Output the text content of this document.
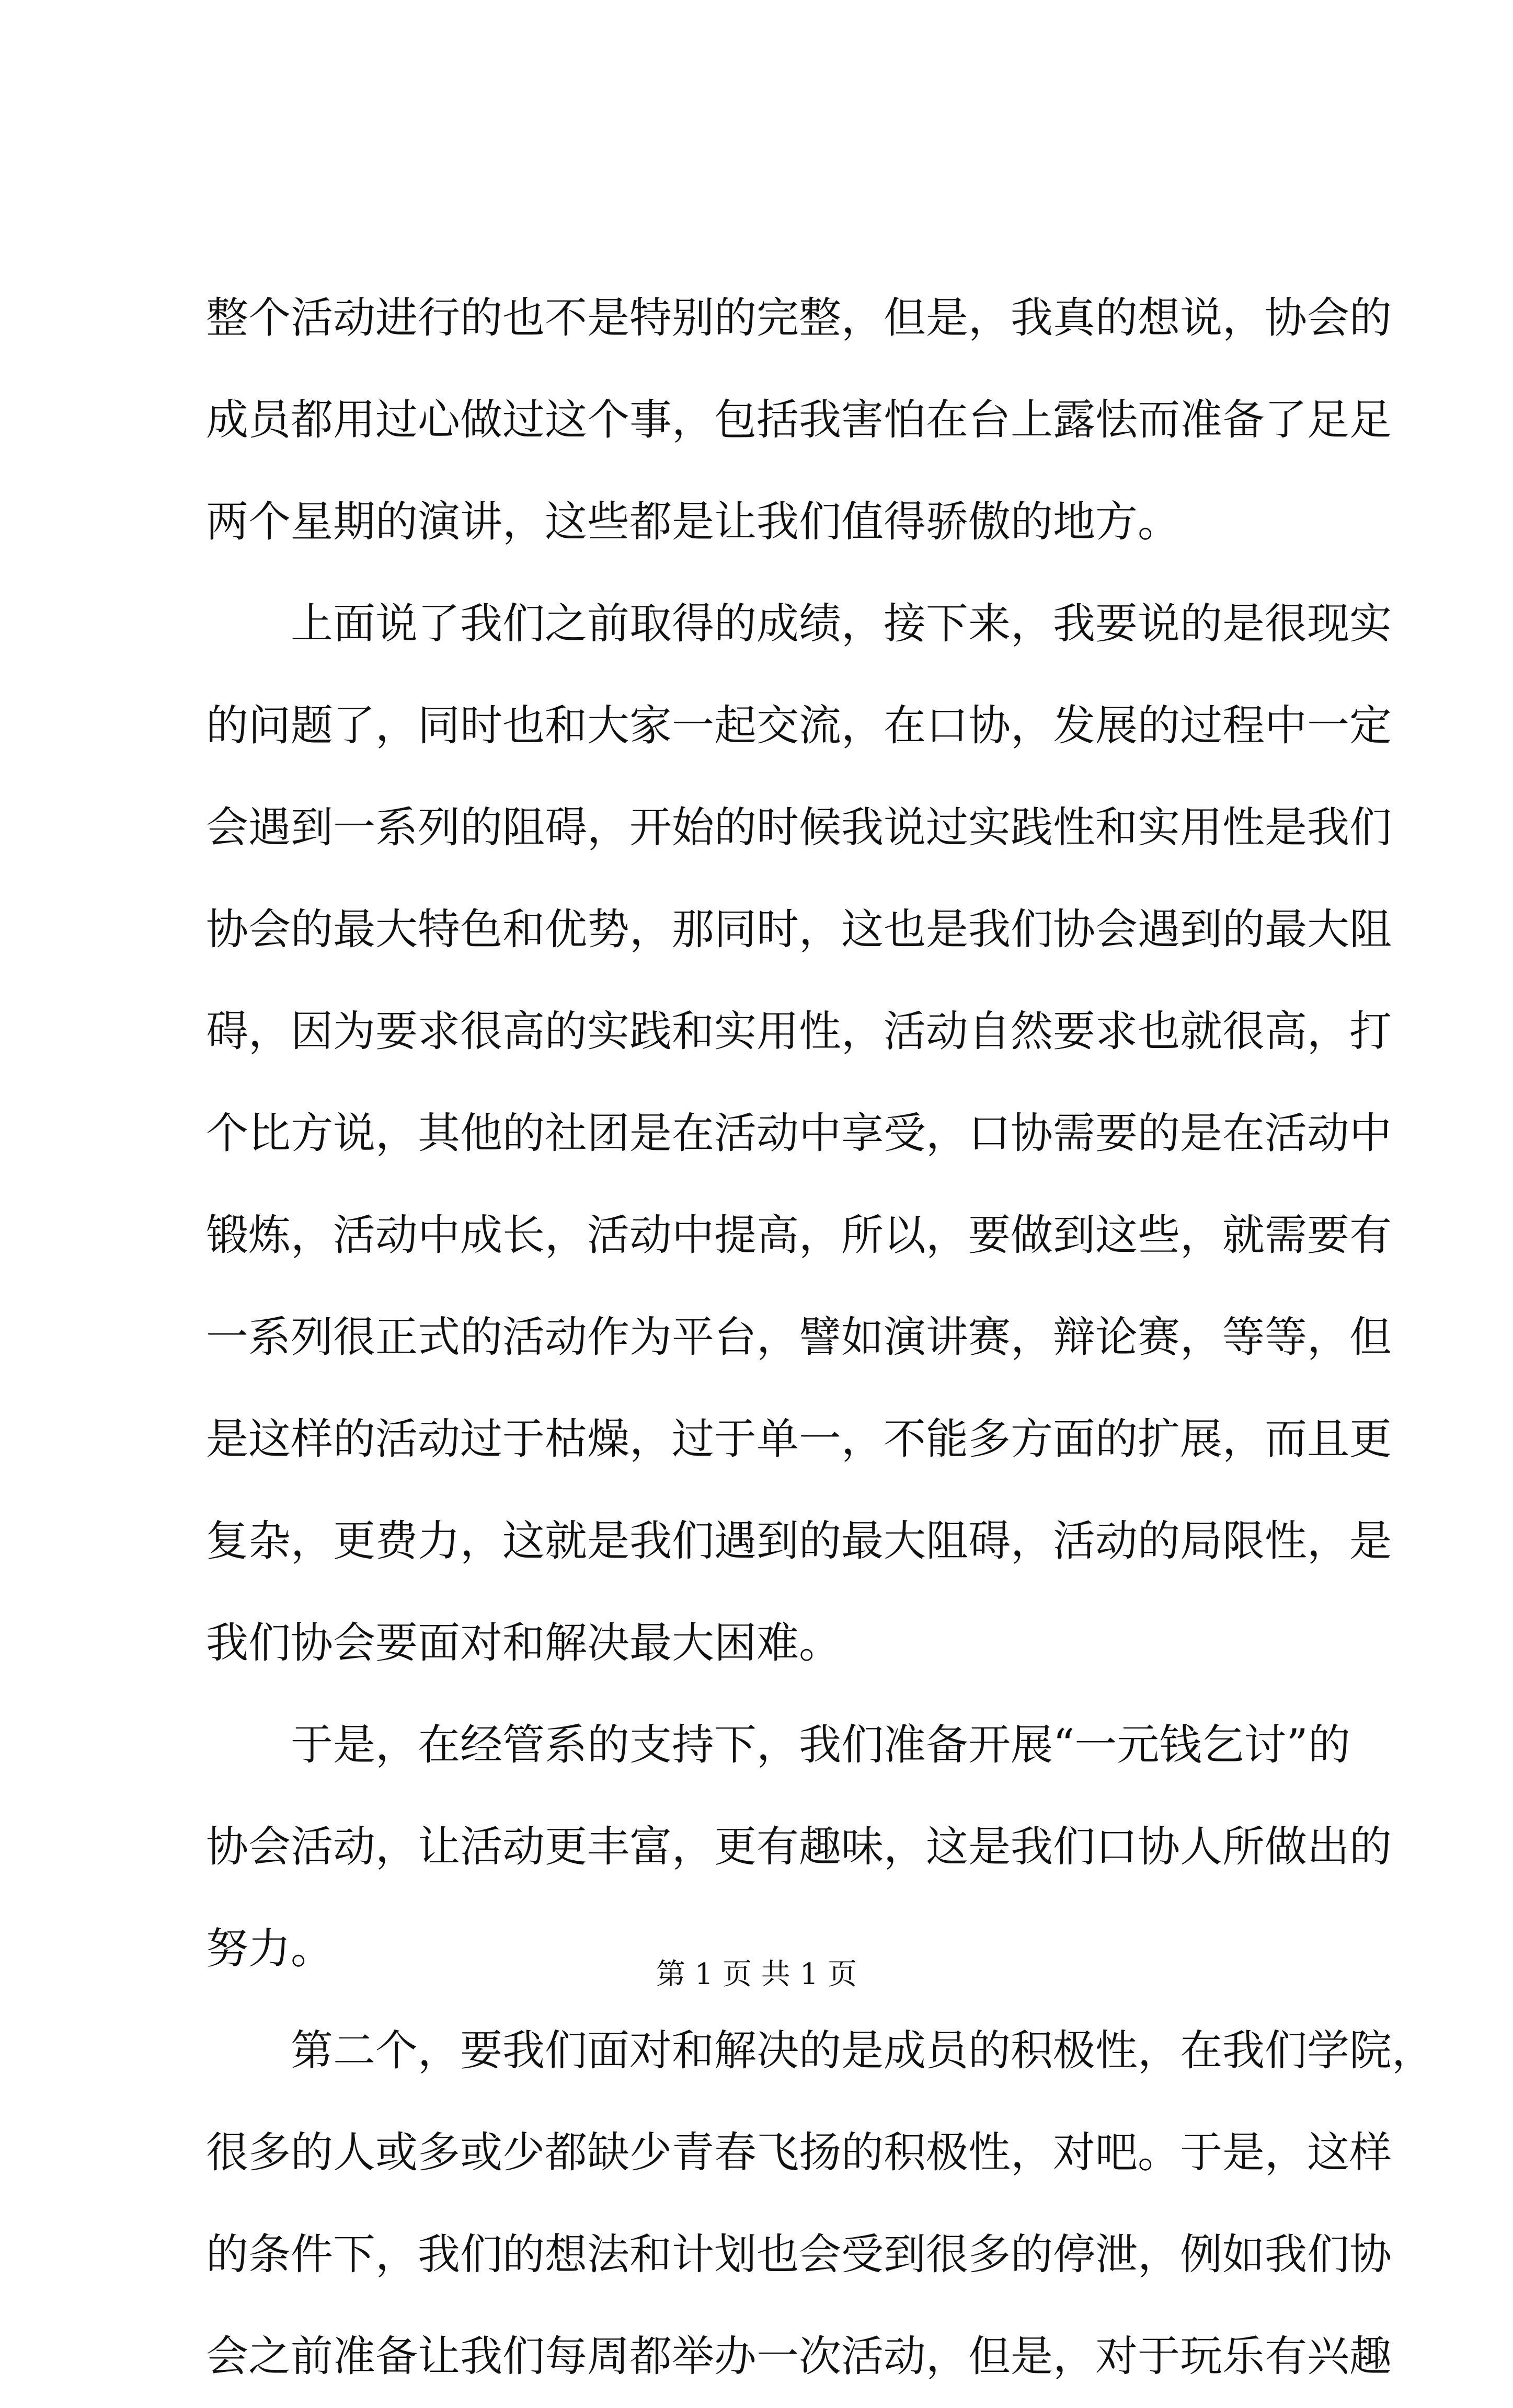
整个活动进行的也不是特别的完整，但是，我真的想说，协会的
成员都用过心做过这个事，包括我害怕在台上露怯而准备了足足
两个星期的演讲，这些都是让我们值得骄傲的地方。
　　上面说了我们之前取得的成绩，接下来，我要说的是很现实
的问题了，同时也和大家一起交流，在口协，发展的过程中一定
会遇到一系列的阻碍，开始的时候我说过实践性和实用性是我们
协会的最大特色和优势，那同时，这也是我们协会遇到的最大阻
碍，因为要求很高的实践和实用性，活动自然要求也就很高，打
个比方说，其他的社团是在活动中享受，口协需要的是在活动中
锻炼，活动中成长，活动中提高，所以，要做到这些，就需要有
一系列很正式的活动作为平台，譬如演讲赛，辩论赛，等等，但
是这样的活动过于枯燥，过于单一，不能多方面的扩展，而且更
复杂，更费力，这就是我们遇到的最大阻碍，活动的局限性，是
我们协会要面对和解决最大困难。
　　于是，在经管系的支持下，我们准备开展“一元钱乞讨”的
协会活动，让活动更丰富，更有趣味，这是我们口协人所做出的
努力。
　　第二个，要我们面对和解决的是成员的积极性，在我们学院，
很多的人或多或少都缺少青春飞扬的积极性，对吧。于是，这样
的条件下，我们的想法和计划也会受到很多的停泄，例如我们协
会之前准备让我们每周都举办一次活动，但是，对于玩乐有兴趣
第 1 页 共 1 页
